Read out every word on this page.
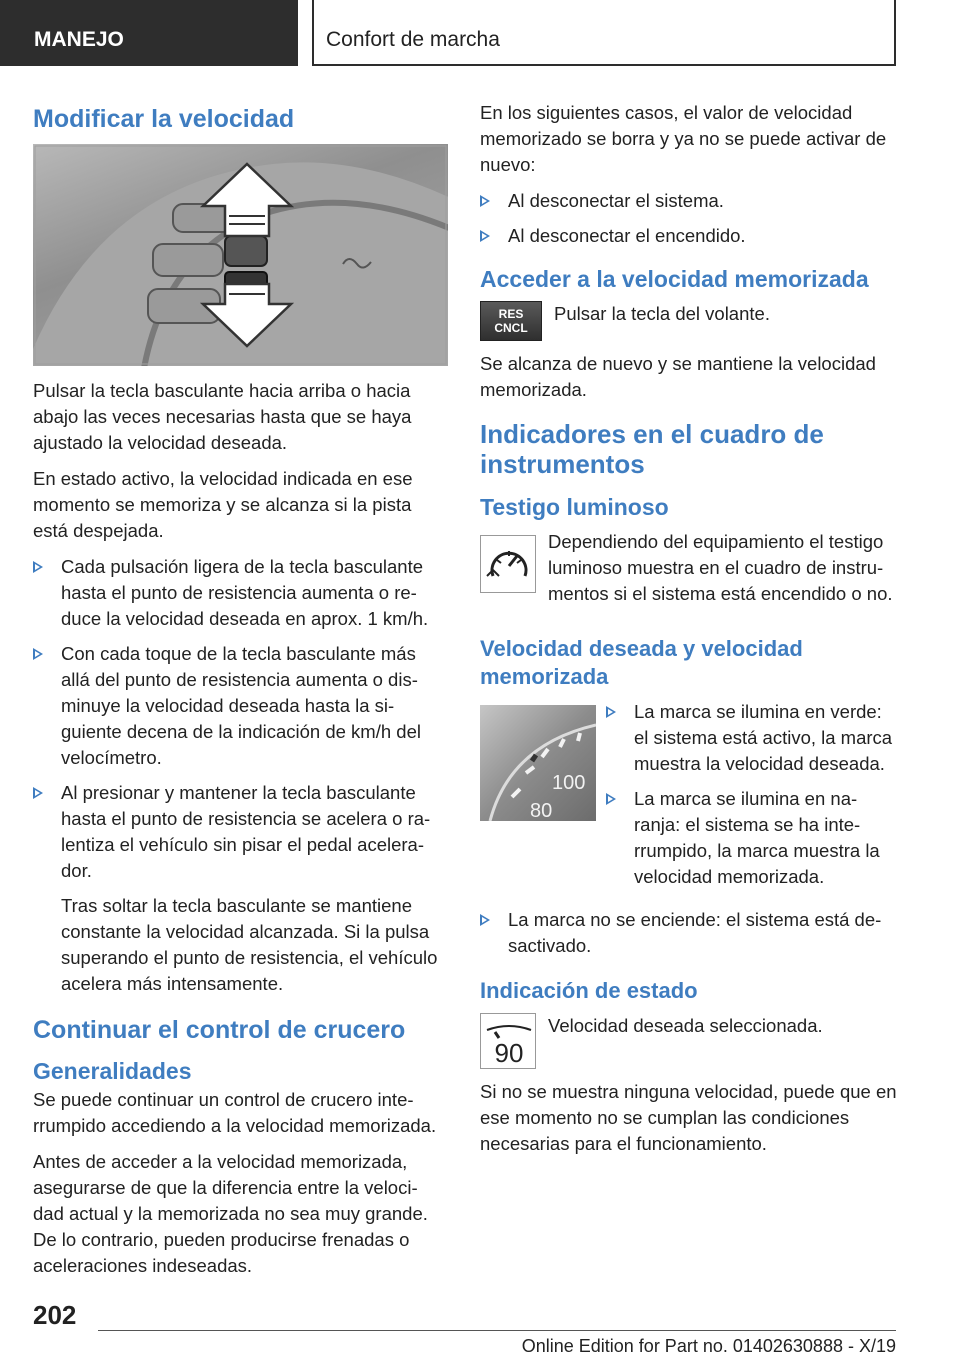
MANEJO	Confort de marcha
Modificar la velocidad

Pulsar la tecla basculante hacia arriba o hacia abajo las veces necesarias hasta que se haya ajustado la velocidad deseada.

En estado activo, la velocidad indicada en ese momento se memoriza y se alcanza si la pista está despejada.

Cada pulsación ligera de la tecla basculante hasta el punto de resistencia aumenta o re-duce la velocidad deseada en aprox. 1 km/h.
Con cada toque de la tecla basculante más allá del punto de resistencia aumenta o dis-minuye la velocidad deseada hasta la si-guiente decena de la indicación de km/h del velocímetro.
Al presionar y mantener la tecla basculante hasta el punto de resistencia se acelera o ra-lentiza el vehículo sin pisar el pedal acelera-dor.
Tras soltar la tecla basculante se mantiene constante la velocidad alcanzada. Si la pulsa superando el punto de resistencia, el vehículo acelera más intensamente.
Continuar el control de crucero
Generalidades

Se puede continuar un control de crucero inte-rrumpido accediendo a la velocidad memorizada.

Antes de acceder a la velocidad memorizada, asegurarse de que la diferencia entre la veloci-dad actual y la memorizada no sea muy grande. De lo contrario, pueden producirse frenadas o aceleraciones indeseadas.

En los siguientes casos, el valor de velocidad memorizado se borra y ya no se puede activar de nuevo:

Al desconectar el sistema.
Al desconectar el encendido.
Acceder a la velocidad memorizada
RES
CNCL

Pulsar la tecla del volante.

Se alcanza de nuevo y se mantiene la velocidad memorizada.

Indicadores en el cuadro de instrumentos
Testigo luminoso

Dependiendo del equipamiento el testigo luminoso muestra en el cuadro de instru-mentos si el sistema está encendido o no.

Velocidad deseada y velocidad memorizada
100
80
La marca se ilumina en verde: el sistema está activo, la marca muestra la velocidad deseada.
La marca se ilumina en na-ranja: el sistema se ha inte-rrumpido, la marca muestra la velocidad memorizada.
La marca no se enciende: el sistema está de-sactivado.
Indicación de estado
90

Velocidad deseada seleccionada.

Si no se muestra ninguna velocidad, puede que en ese momento no se cumplan las condiciones necesarias para el funcionamiento.

202
Online Edition for Part no. 01402630888 - X/19
